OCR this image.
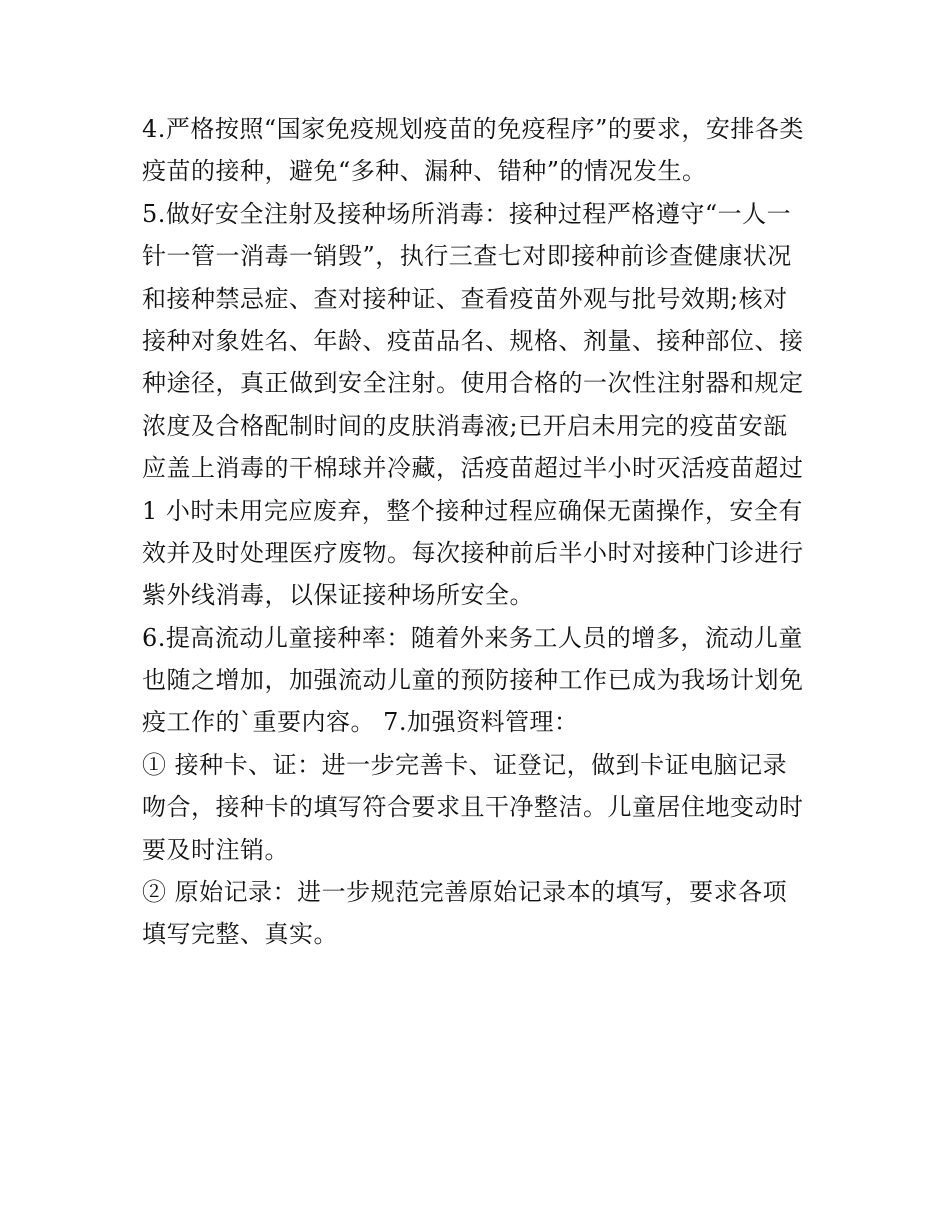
4.严格按照“国家免疫规划疫苗的免疫程序”的要求，安排各类
疫苗的接种，避免“多种、漏种、错种”的情况发生。
5.做好安全注射及接种场所消毒：接种过程严格遵守“一人一
针一管一消毒一销毁”，执行三查七对即接种前诊查健康状况
和接种禁忌症、查对接种证、查看疫苗外观与批号效期;核对
接种对象姓名、年龄、疫苗品名、规格、剂量、接种部位、接
种途径，真正做到安全注射。使用合格的一次性注射器和规定
浓度及合格配制时间的皮肤消毒液;已开启未用完的疫苗安瓿
应盖上消毒的干棉球并冷藏，活疫苗超过半小时灭活疫苗超过
1 小时未用完应废弃，整个接种过程应确保无菌操作，安全有
效并及时处理医疗废物。每次接种前后半小时对接种门诊进行
紫外线消毒，以保证接种场所安全。
6.提高流动儿童接种率：随着外来务工人员的增多，流动儿童
也随之增加，加强流动儿童的预防接种工作已成为我场计划免
疫工作的`重要内容。 7.加强资料管理：
① 接种卡、证：进一步完善卡、证登记，做到卡证电脑记录
吻合，接种卡的填写符合要求且干净整洁。儿童居住地变动时
要及时注销。
② 原始记录：进一步规范完善原始记录本的填写，要求各项
填写完整、真实。
